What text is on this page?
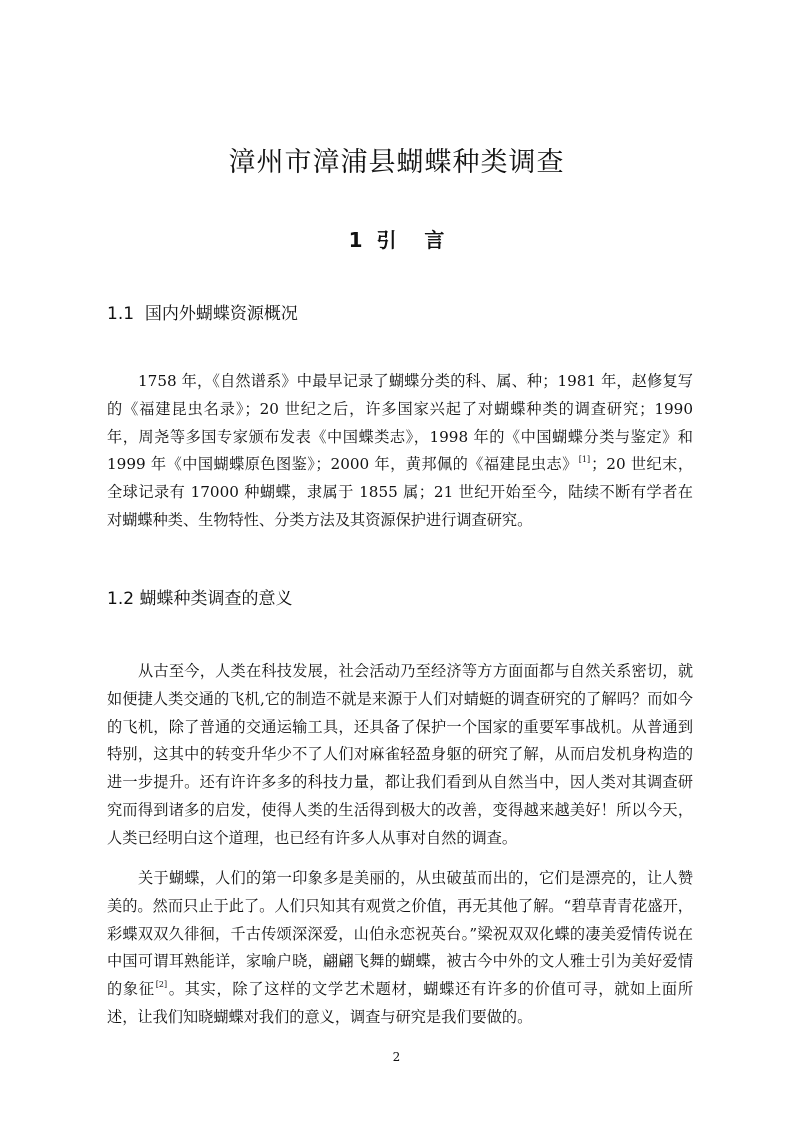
漳州市漳浦县蝴蝶种类调查
1  引    言
1.1  国内外蝴蝶资源概况

1758 年，《自然谱系》中最早记录了蝴蝶分类的科、属、种；1981 年，赵修复写的《福建昆虫名录》；20 世纪之后，许多国家兴起了对蝴蝶种类的调查研究；1990 年，周尧等多国专家颁布发表《中国蝶类志》，1998 年的《中国蝴蝶分类与鉴定》和 1999 年《中国蝴蝶原色图鉴》；2000 年，黄邦佩的《福建昆虫志》[1]；20 世纪末，全球记录有 17000 种蝴蝶，隶属于 1855 属；21 世纪开始至今，陆续不断有学者在对蝴蝶种类、生物特性、分类方法及其资源保护进行调查研究。

1.2 蝴蝶种类调查的意义

从古至今，人类在科技发展，社会活动乃至经济等方方面面都与自然关系密切，就如便捷人类交通的飞机,它的制造不就是来源于人们对蜻蜓的调查研究的了解吗？而如今的飞机，除了普通的交通运输工具，还具备了保护一个国家的重要军事战机。从普通到特别，这其中的转变升华少不了人们对麻雀轻盈身躯的研究了解，从而启发机身构造的进一步提升。还有许许多多的科技力量，都让我们看到从自然当中，因人类对其调查研究而得到诸多的启发，使得人类的生活得到极大的改善，变得越来越美好！所以今天，人类已经明白这个道理，也已经有许多人从事对自然的调查。

关于蝴蝶，人们的第一印象多是美丽的，从虫破茧而出的，它们是漂亮的，让人赞美的。然而只止于此了。人们只知其有观赏之价值，再无其他了解。“碧草青青花盛开，彩蝶双双久徘徊，千古传颂深深爱，山伯永恋祝英台。”梁祝双双化蝶的凄美爱情传说在中国可谓耳熟能详，家喻户晓，翩翩飞舞的蝴蝶，被古今中外的文人雅士引为美好爱情的象征[2]。其实，除了这样的文学艺术题材，蝴蝶还有许多的价值可寻，就如上面所述，让我们知晓蝴蝶对我们的意义，调查与研究是我们要做的。

2
